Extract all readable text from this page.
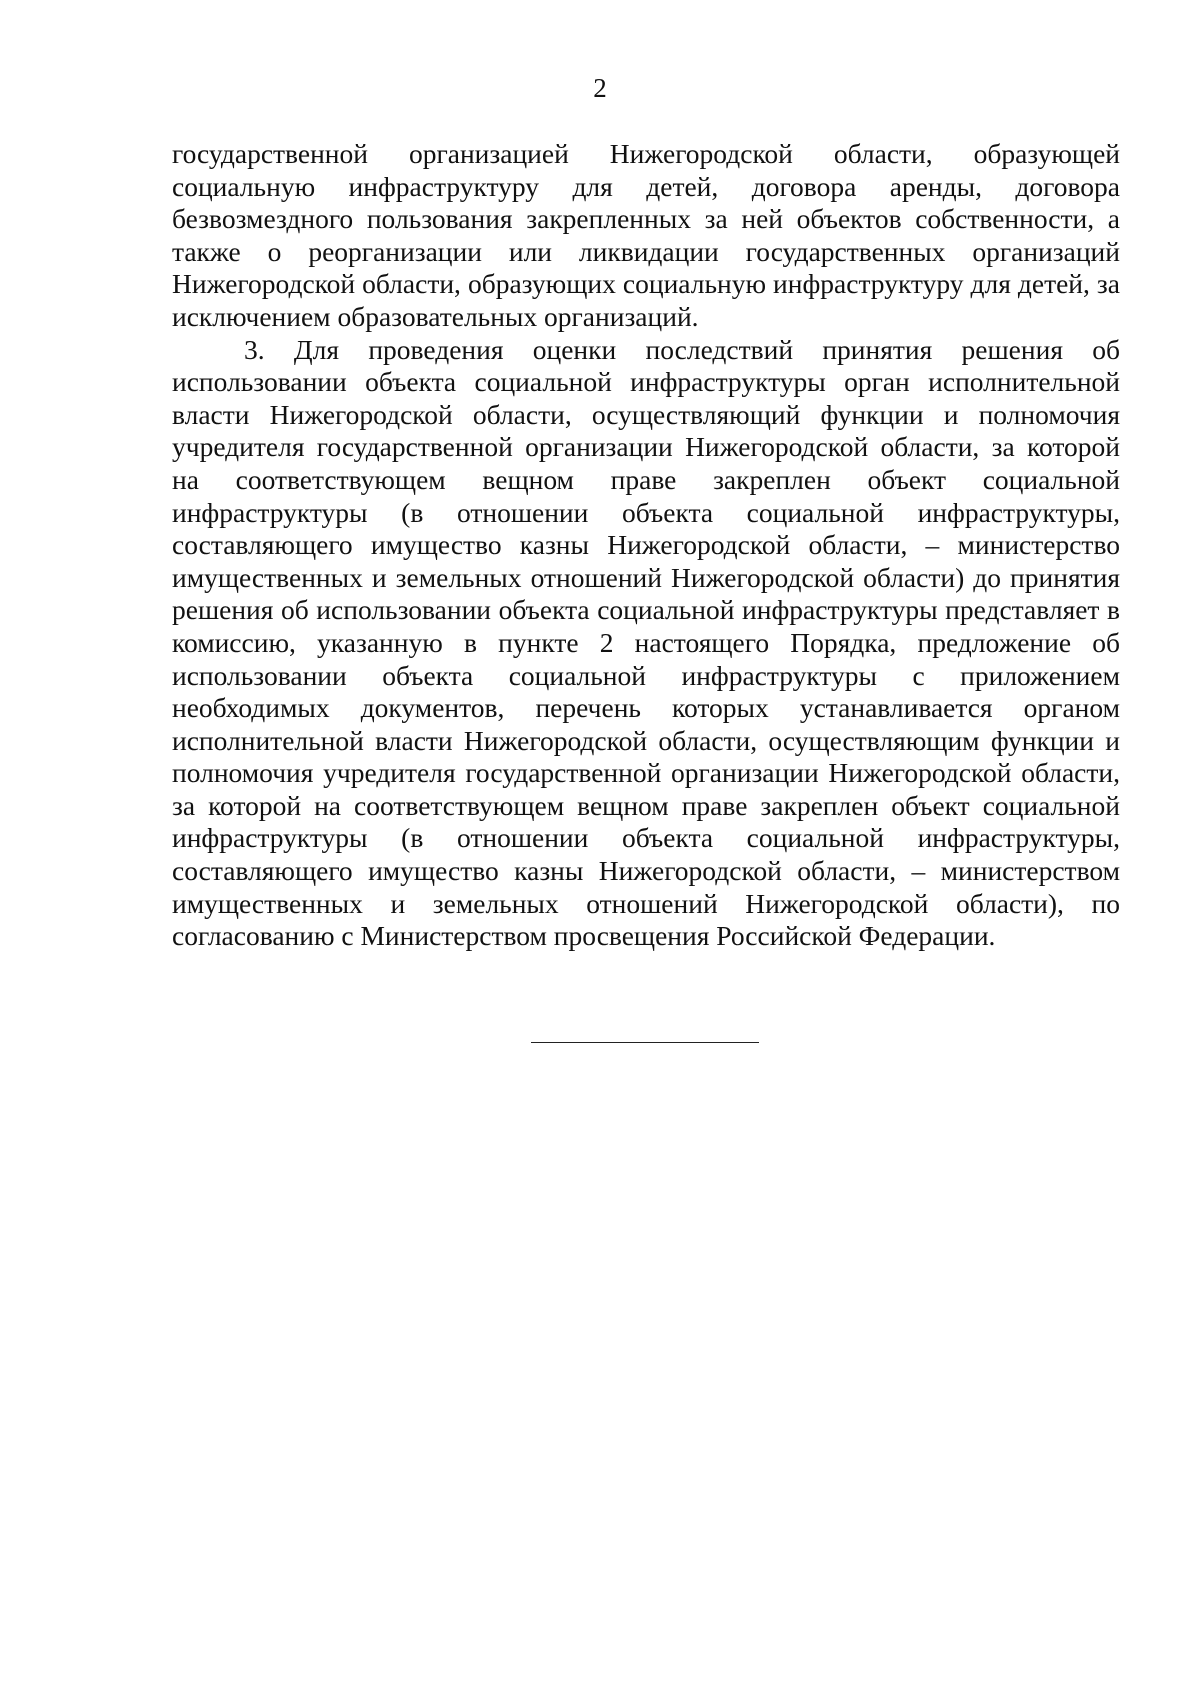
2

государственной организацией Нижегородской области, образующей социальную инфраструктуру для детей, договора аренды, договора безвозмездного пользования закрепленных за ней объектов собственности, а также о реорганизации или ликвидации государственных организаций Нижегородской области, образующих социальную инфраструктуру для детей, за исключением образовательных организаций.

3. Для проведения оценки последствий принятия решения об использовании объекта социальной инфраструктуры орган исполнительной власти Нижегородской области, осуществляющий функции и полномочия учредителя государственной организации Нижегородской области, за которой на соответствующем вещном праве закреплен объект социальной инфраструктуры (в отношении объекта социальной инфраструктуры, составляющего имущество казны Нижегородской области, – министерство имущественных и земельных отношений Нижегородской области) до принятия решения об использовании объекта социальной инфраструктуры представляет в комиссию, указанную в пункте 2 настоящего Порядка, предложение об использовании объекта социальной инфраструктуры с приложением необходимых документов, перечень которых устанавливается органом исполнительной власти Нижегородской области, осуществляющим функции и полномочия учредителя государственной организации Нижегородской области, за которой на соответствующем вещном праве закреплен объект социальной инфраструктуры (в отношении объекта социальной инфраструктуры, составляющего имущество казны Нижегородской области, – министерством имущественных и земельных отношений Нижегородской области), по согласованию с Министерством просвещения Российской Федерации.
